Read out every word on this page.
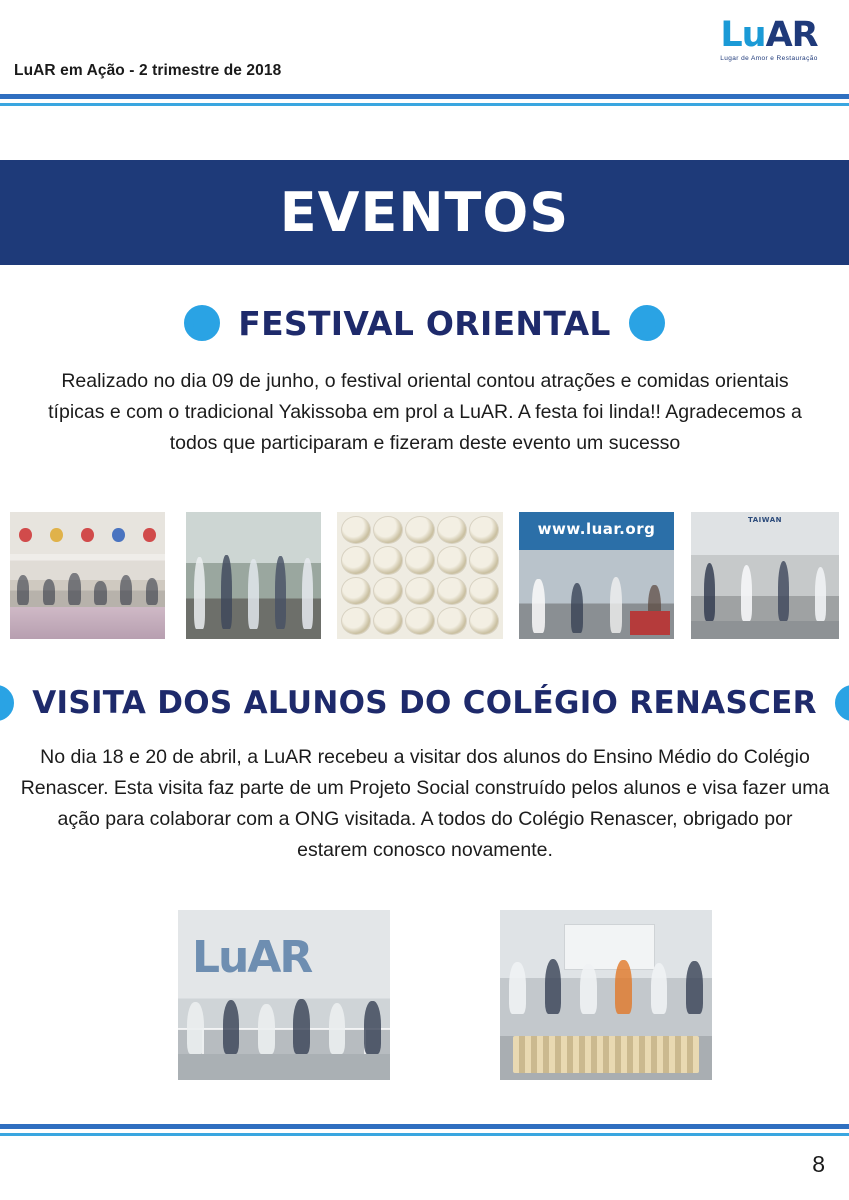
LuAR
Lugar de Amor e Restauração
LuAR em Ação - 2 trimestre de 2018
EVENTOS
FESTIVAL ORIENTAL
Realizado no dia 09 de junho, o festival oriental contou atrações e comidas orientais típicas e com o tradicional Yakissoba em prol a LuAR. A festa foi linda!! Agradecemos a todos que participaram e fizeram deste evento um sucesso
www.luar.org	TAIWAN
VISITA DOS ALUNOS DO COLÉGIO RENASCER
No dia 18 e 20 de abril, a LuAR recebeu a visitar dos alunos do Ensino Médio do Colégio Renascer. Esta visita faz parte de um Projeto Social construído pelos alunos e visa fazer uma ação para colaborar com a ONG visitada. A todos do Colégio Renascer, obrigado por estarem conosco novamente.
LuAR
8
